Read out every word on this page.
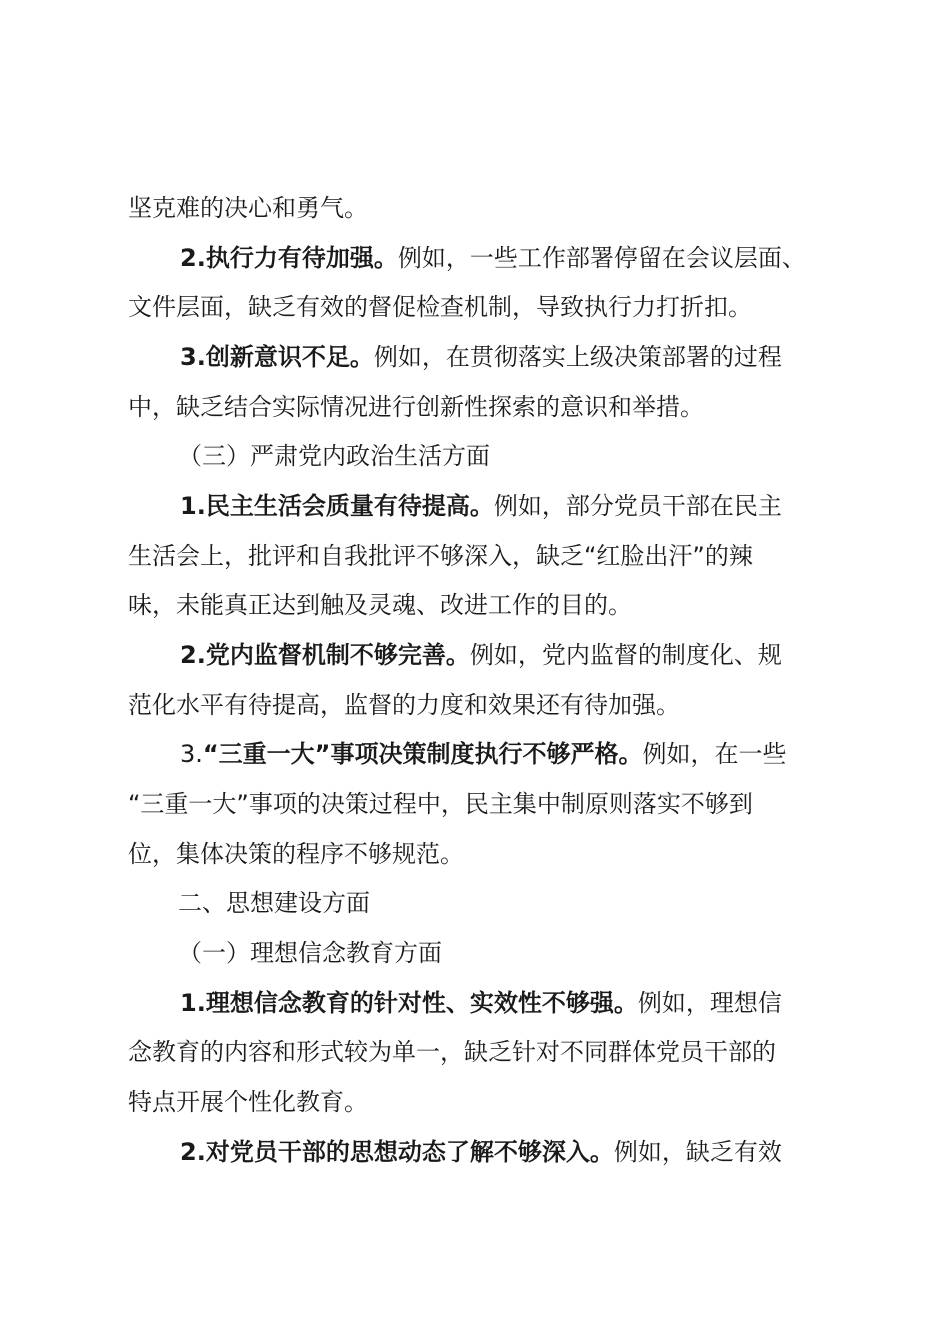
坚克难的决心和勇气。
2.执行力有待加强。例如，一些工作部署停留在会议层面、
文件层面，缺乏有效的督促检查机制，导致执行力打折扣。
3.创新意识不足。例如，在贯彻落实上级决策部署的过程
中，缺乏结合实际情况进行创新性探索的意识和举措。
（三）严肃党内政治生活方面
1.民主生活会质量有待提高。例如，部分党员干部在民主
生活会上，批评和自我批评不够深入，缺乏“红脸出汗”的辣
味，未能真正达到触及灵魂、改进工作的目的。
2.党内监督机制不够完善。例如，党内监督的制度化、规
范化水平有待提高，监督的力度和效果还有待加强。
3.“三重一大”事项决策制度执行不够严格。例如，在一些
“三重一大”事项的决策过程中，民主集中制原则落实不够到
位，集体决策的程序不够规范。
二、思想建设方面
（一）理想信念教育方面
1.理想信念教育的针对性、实效性不够强。例如，理想信
念教育的内容和形式较为单一，缺乏针对不同群体党员干部的
特点开展个性化教育。
2.对党员干部的思想动态了解不够深入。例如，缺乏有效
